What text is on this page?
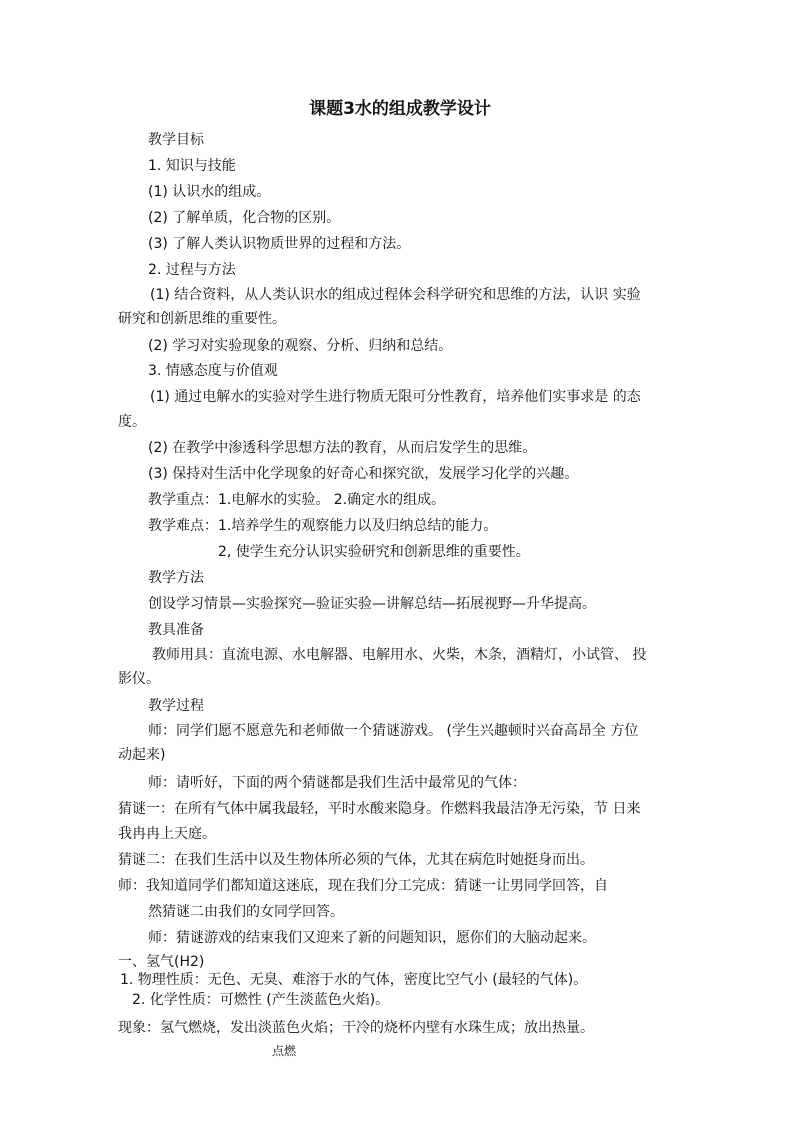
课题3水的组成教学设计
教学目标
1. 知识与技能
(1) 认识水的组成。
(2) 了解单质，化合物的区别。
(3) 了解人类认识物质世界的过程和方法。
2. 过程与方法
(1) 结合资料，从人类认识水的组成过程体会科学研究和思维的方法，认识 实验
研究和创新思维的重要性。
(2) 学习对实验现象的观察、分析、归纳和总结。
3. 情感态度与价值观
(1) 通过电解水的实验对学生进行物质无限可分性教育，培养他们实事求是 的态
度。
(2) 在教学中渗透科学思想方法的教育，从而启发学生的思维。
(3) 保持对生活中化学现象的好奇心和探究欲，发展学习化学的兴趣。
教学重点：1.电解水的实验。 2.确定水的组成。
教学难点：1.培养学生的观察能力以及归纳总结的能力。
2, 使学生充分认识实验研究和创新思维的重要性。
教学方法
创设学习情景—实验探究—验证实验—讲解总结—拓展视野—升华提高。
教具准备
教师用具：直流电源、水电解器、电解用水、火柴，木条，酒精灯，小试管、 投
影仪。
教学过程
师：同学们愿不愿意先和老师做一个猜谜游戏。 (学生兴趣顿时兴奋高昂全 方位
动起来)
师：请听好，下面的两个猜谜都是我们生活中最常见的气体：
猜谜一：在所有气体中属我最轻，平时水酸来隐身。作燃料我最洁净无污染，节 日来
我冉冉上天庭。
猜谜二：在我们生活中以及生物体所必须的气体，尤其在病危时她挺身而出。
师：我知道同学们都知道这迷底，现在我们分工完成：猜谜一让男同学回答，自
然猜谜二由我们的女同学回答。
师：猜谜游戏的结束我们又迎来了新的问题知识，愿你们的大脑动起来。
一、氢气(H2)
1. 物理性质：无色、无臭、难溶于水的气体，密度比空气小 (最轻的气体)。
2. 化学性质：可燃性 (产生淡蓝色火焰)。
现象：氢气燃烧，发出淡蓝色火焰；干冷的烧杯内壁有水珠生成；放出热量。
点燃
